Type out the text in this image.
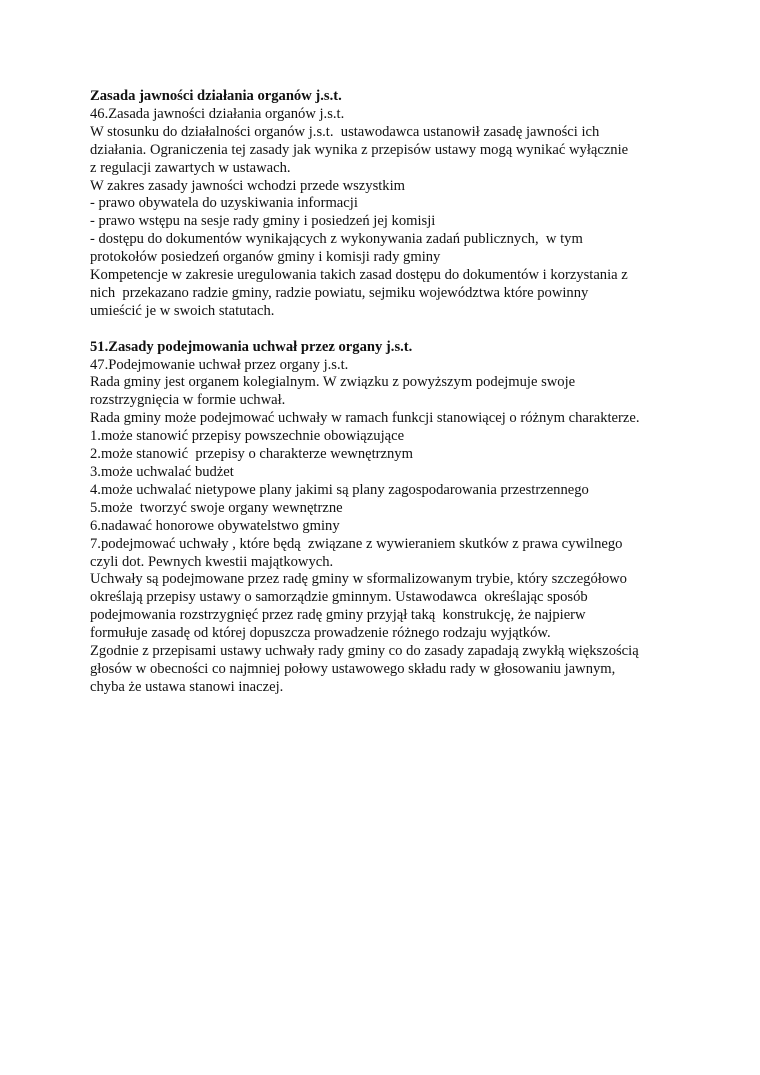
Zasada jawności działania organów j.s.t.
46.Zasada jawności działania organów j.s.t.
W stosunku do działalności organów j.s.t.  ustawodawca ustanowił zasadę jawności ich
działania. Ograniczenia tej zasady jak wynika z przepisów ustawy mogą wynikać wyłącznie
z regulacji zawartych w ustawach.
W zakres zasady jawności wchodzi przede wszystkim
- prawo obywatela do uzyskiwania informacji
- prawo wstępu na sesje rady gminy i posiedzeń jej komisji
- dostępu do dokumentów wynikających z wykonywania zadań publicznych,  w tym
protokołów posiedzeń organów gminy i komisji rady gminy
Kompetencje w zakresie uregulowania takich zasad dostępu do dokumentów i korzystania z
nich  przekazano radzie gminy, radzie powiatu, sejmiku województwa które powinny
umieścić je w swoich statutach.
51.Zasady podejmowania uchwał przez organy j.s.t.
47.Podejmowanie uchwał przez organy j.s.t.
Rada gminy jest organem kolegialnym. W związku z powyższym podejmuje swoje
rozstrzygnięcia w formie uchwał.
Rada gminy może podejmować uchwały w ramach funkcji stanowiącej o różnym charakterze.
1.może stanowić przepisy powszechnie obowiązujące
2.może stanowić  przepisy o charakterze wewnętrznym
3.może uchwalać budżet
4.może uchwalać nietypowe plany jakimi są plany zagospodarowania przestrzennego
5.może  tworzyć swoje organy wewnętrzne
6.nadawać honorowe obywatelstwo gminy
7.podejmować uchwały , które będą  związane z wywieraniem skutków z prawa cywilnego
czyli dot. Pewnych kwestii majątkowych.
Uchwały są podejmowane przez radę gminy w sformalizowanym trybie, który szczegółowo
określają przepisy ustawy o samorządzie gminnym. Ustawodawca  określając sposób
podejmowania rozstrzygnięć przez radę gminy przyjął taką  konstrukcję, że najpierw
formułuje zasadę od której dopuszcza prowadzenie różnego rodzaju wyjątków.
Zgodnie z przepisami ustawy uchwały rady gminy co do zasady zapadają zwykłą większością
głosów w obecności co najmniej połowy ustawowego składu rady w głosowaniu jawnym,
chyba że ustawa stanowi inaczej.
